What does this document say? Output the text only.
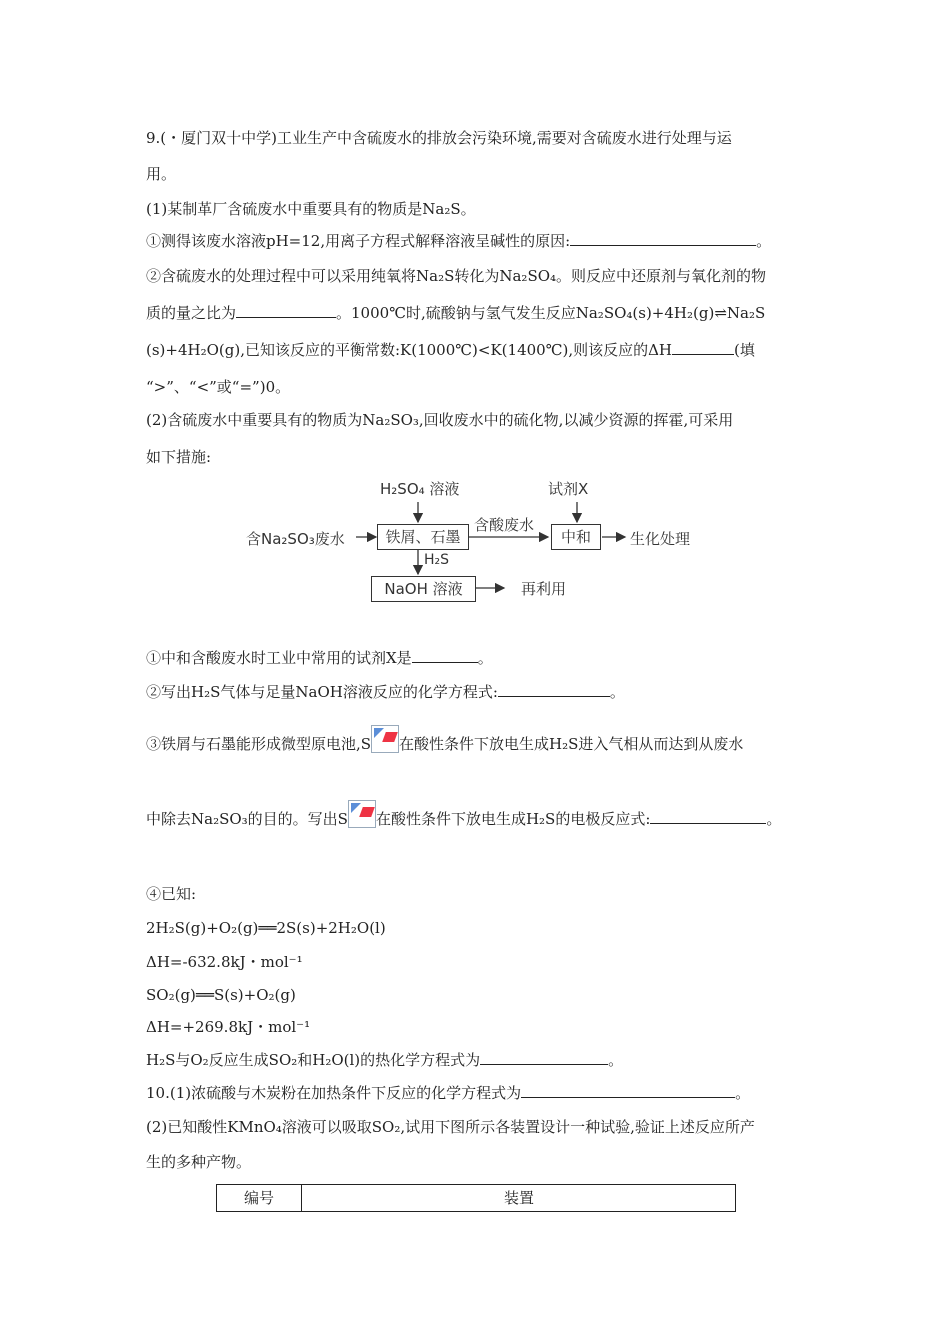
9.(・厦门双十中学)工业生产中含硫废水的排放会污染环境,需要对含硫废水进行处理与运
用。
(1)某制革厂含硫废水中重要具有的物质是Na₂S。
①测得该废水溶液pH=12,用离子方程式解释溶液呈碱性的原因:	。
②含硫废水的处理过程中可以采用纯氧将Na₂S转化为Na₂SO₄。则反应中还原剂与氧化剂的物
质的量之比为	。1000℃时,硫酸钠与氢气发生反应Na₂SO₄(s)+4H₂(g)⇌Na₂S
(s)+4H₂O(g),已知该反应的平衡常数:K(1000℃)<K(1400℃),则该反应的ΔH	(填
“>”、“<”或“=”)0。
(2)含硫废水中重要具有的物质为Na₂SO₃,回收废水中的硫化物,以减少资源的挥霍,可采用
如下措施:
H₂SO₄ 溶液	试剂X
含Na₂SO₃废水	铁屑、石墨
含酸废水
中和	生化处理
H₂S
NaOH 溶液	再利用
①中和含酸废水时工业中常用的试剂X是	。
②写出H₂S气体与足量NaOH溶液反应的化学方程式:	。
③铁屑与石墨能形成微型原电池,S 在酸性条件下放电生成H₂S进入气相从而达到从废水
中除去Na₂SO₃的目的。写出S 在酸性条件下放电生成H₂S的电极反应式:	。
④已知:
2H₂S(g)+O₂(g)══2S(s)+2H₂O(l)
ΔH=-632.8kJ・mol⁻¹
SO₂(g)══S(s)+O₂(g)
ΔH=+269.8kJ・mol⁻¹
H₂S与O₂反应生成SO₂和H₂O(l)的热化学方程式为	。
10.(1)浓硫酸与木炭粉在加热条件下反应的化学方程式为	。
(2)已知酸性KMnO₄溶液可以吸取SO₂,试用下图所示各装置设计一种试验,验证上述反应所产
生的多种产物。
编号	装置
